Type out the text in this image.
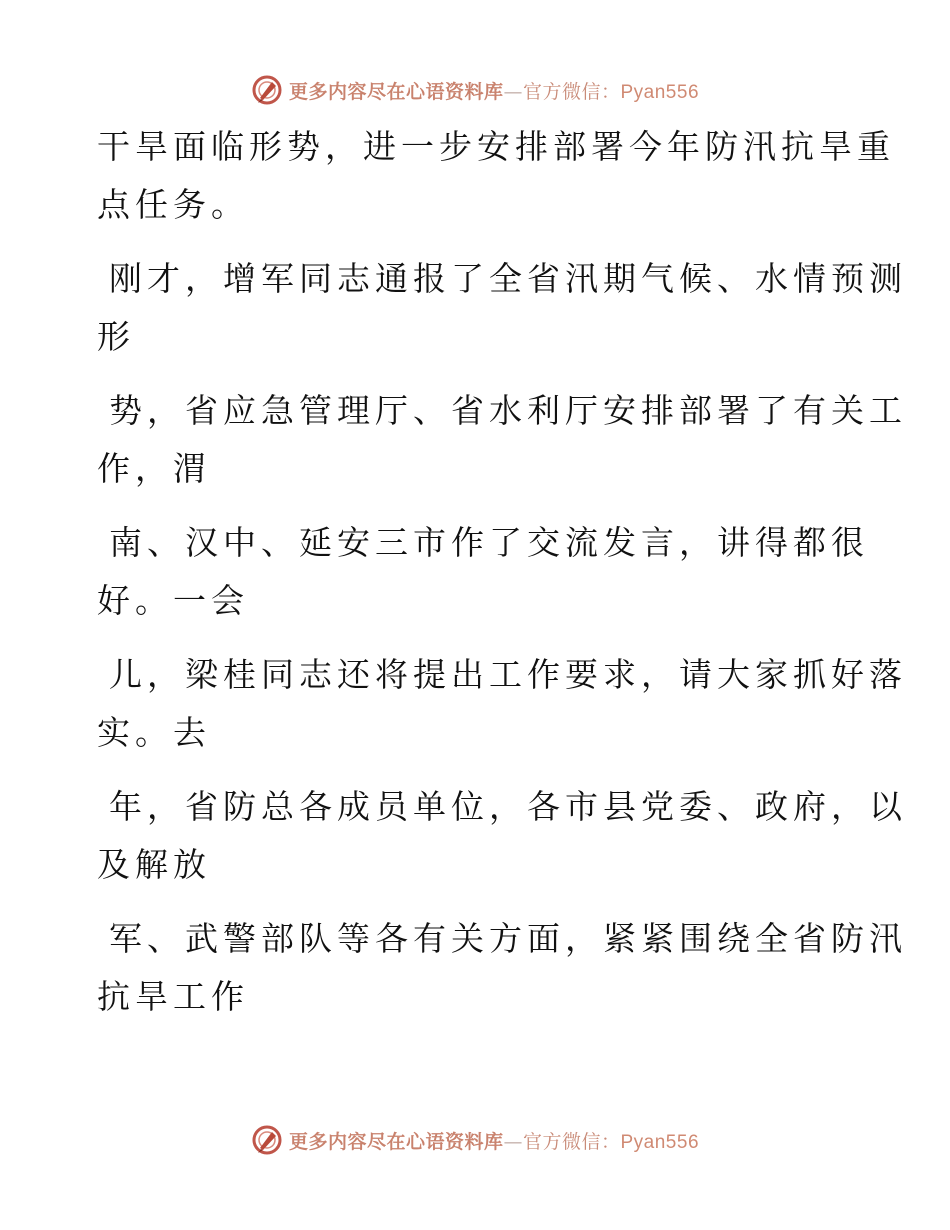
更多内容尽在心语资料库—官方微信：Pyan556
干旱面临形势，进一步安排部署今年防汛抗旱重
点任务。
刚才，增军同志通报了全省汛期气候、水情预测
形
势，省应急管理厅、省水利厅安排部署了有关工
作，渭
南、汉中、延安三市作了交流发言，讲得都很
好。一会
儿，梁桂同志还将提出工作要求，请大家抓好落
实。去
年，省防总各成员单位，各市县党委、政府，以
及解放
军、武警部队等各有关方面，紧紧围绕全省防汛
抗旱工作
更多内容尽在心语资料库—官方微信：Pyan556
